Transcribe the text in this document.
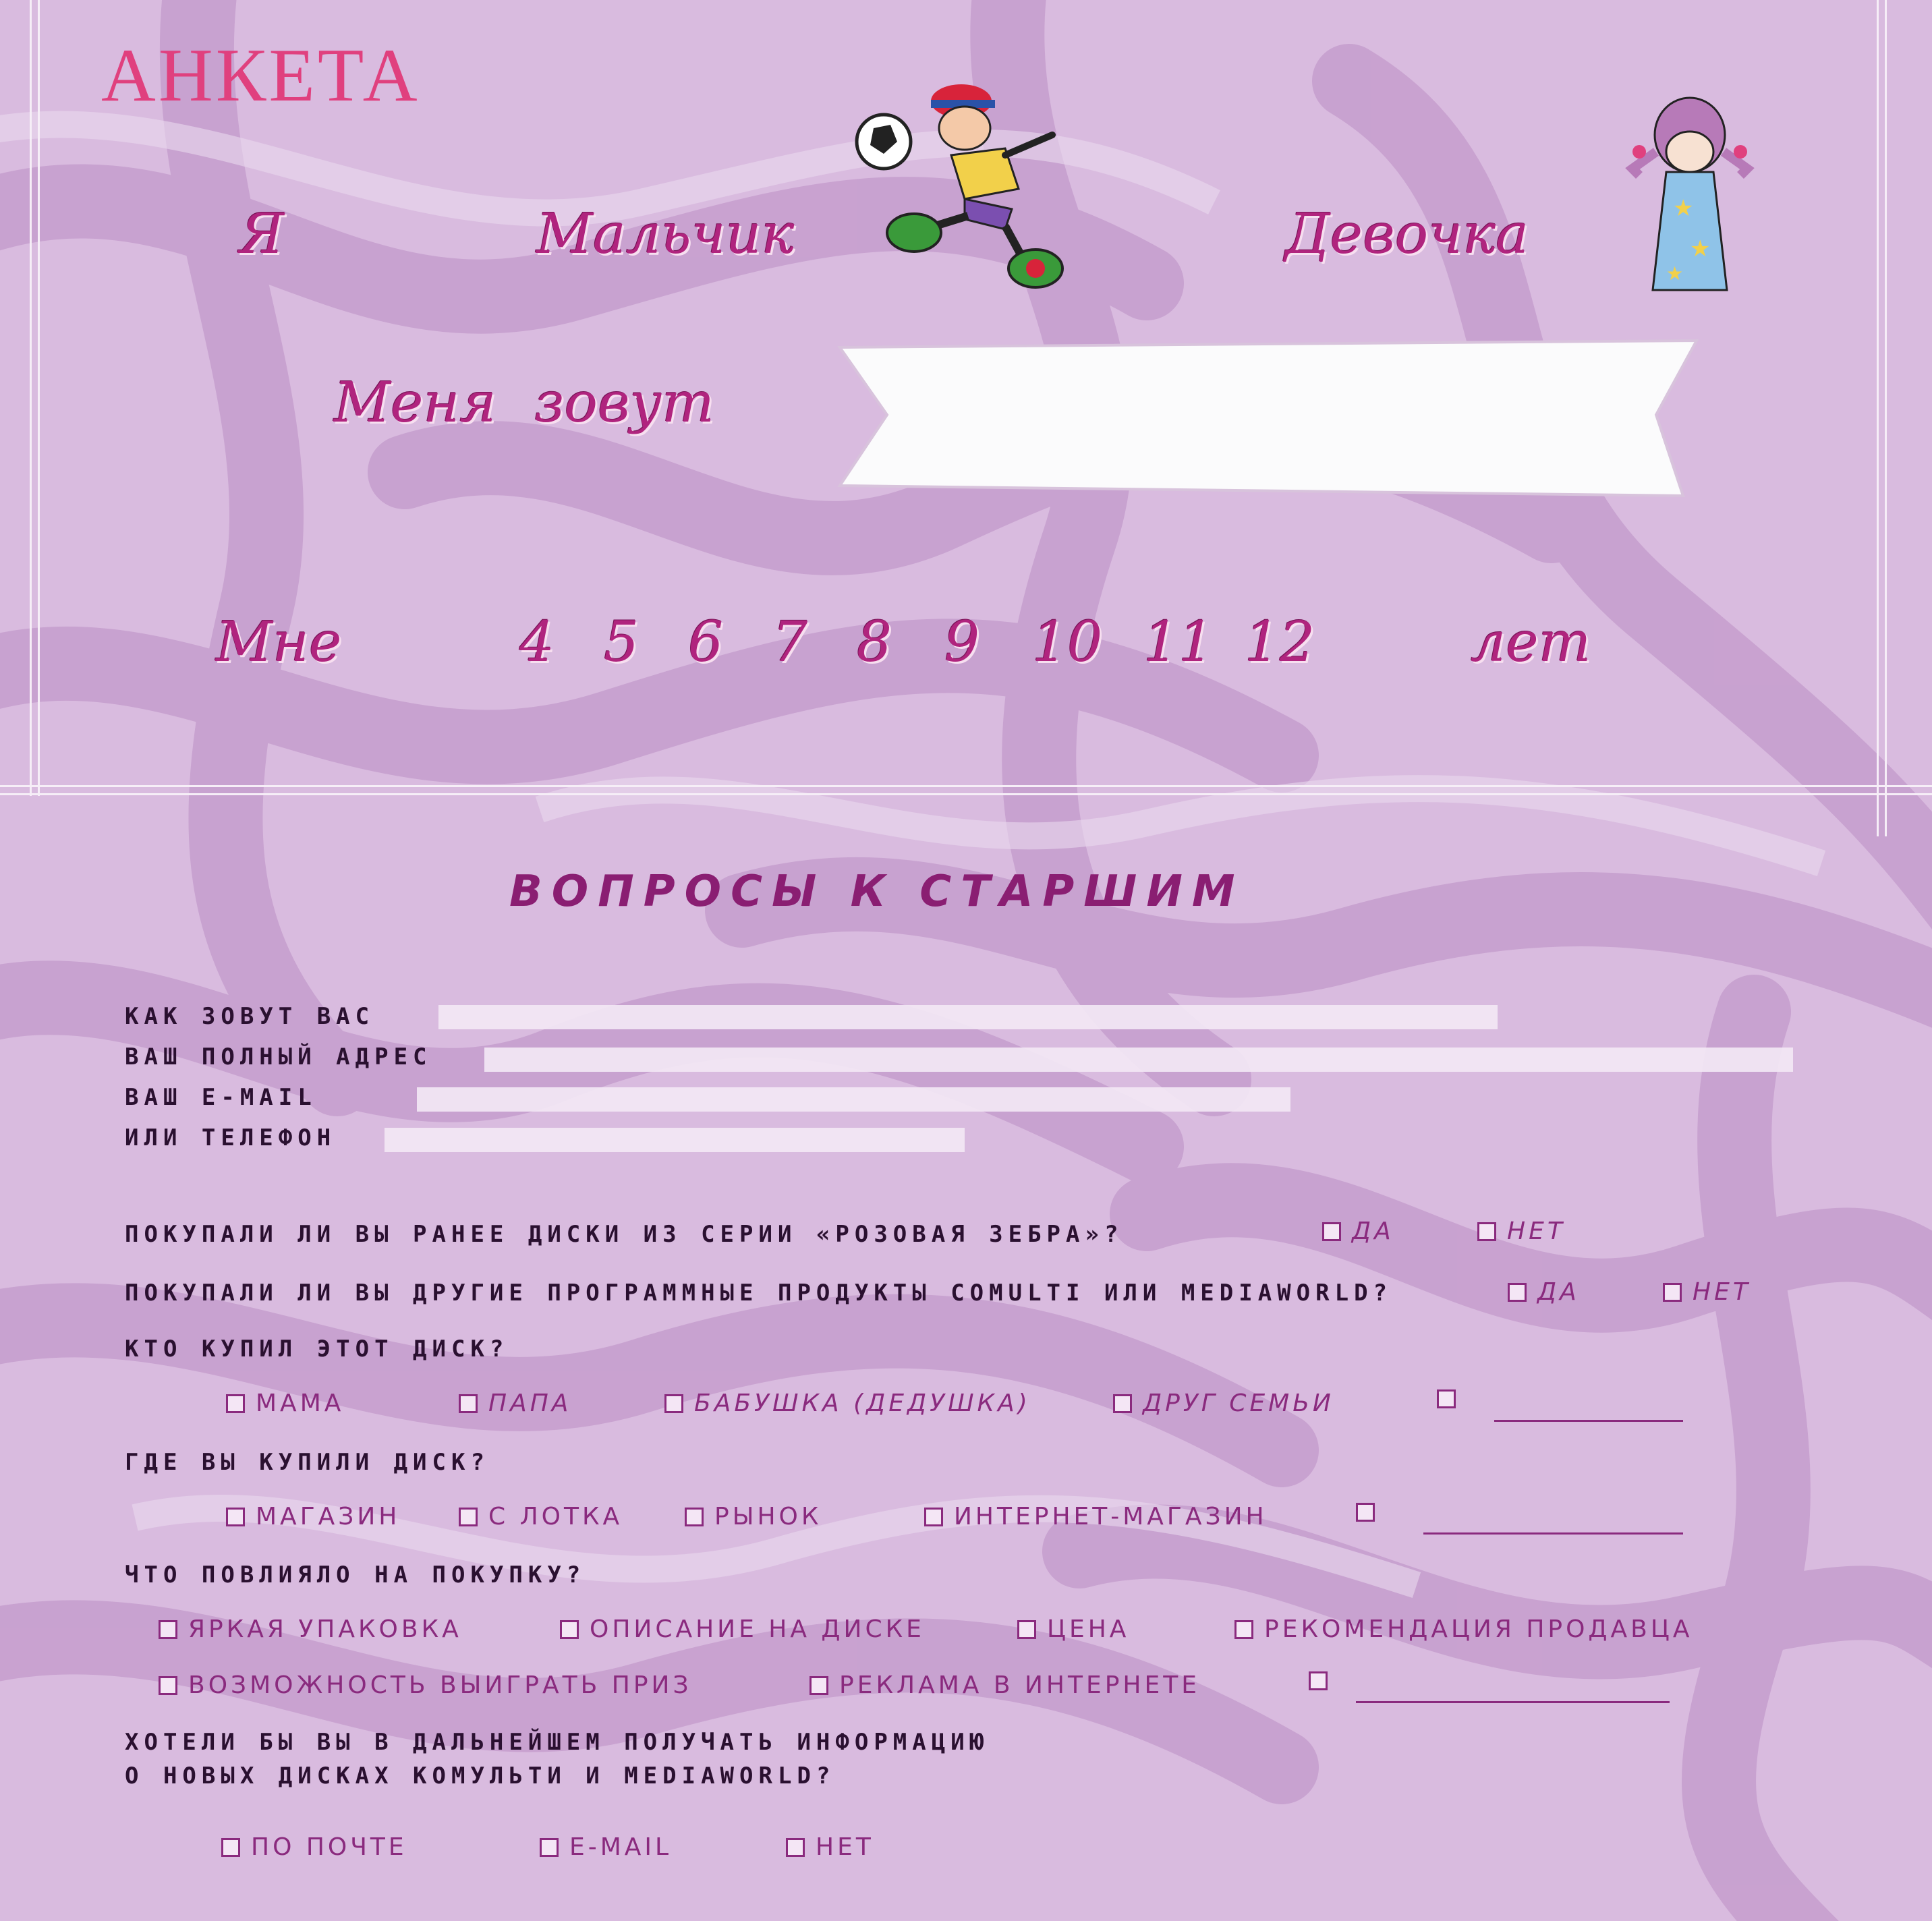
АНКЕТА
★
★
★
Я	Мальчик	Девочка
Меня зовут
Мне	4 5 6 7 8 9 10 11 12	лет
ВОПРОСЫ К СТАРШИМ
КАК ЗОВУТ ВАС
ВАШ ПОЛНЫЙ АДРЕС
ВАШ E-MAIL
ИЛИ ТЕЛЕФОН
ПОКУПАЛИ ЛИ ВЫ РАНЕЕ ДИСКИ ИЗ СЕРИИ «РОЗОВАЯ ЗЕБРА»?	ДА	НЕТ
ПОКУПАЛИ ЛИ ВЫ ДРУГИЕ ПРОГРАММНЫЕ ПРОДУКТЫ COMULTI ИЛИ MEDIAWORLD?	ДА	НЕТ
КТО КУПИЛ ЭТОТ ДИСК?
МАМА	ПАПА	БАБУШКА (ДЕДУШКА)	ДРУГ СЕМЬИ
ГДЕ ВЫ КУПИЛИ ДИСК?
МАГАЗИН	С ЛОТКА	РЫНОК	ИНТЕРНЕТ-МАГАЗИН
ЧТО ПОВЛИЯЛО НА ПОКУПКУ?
ЯРКАЯ УПАКОВКА	ОПИСАНИЕ НА ДИСКЕ	ЦЕНА	РЕКОМЕНДАЦИЯ ПРОДАВЦА
ВОЗМОЖНОСТЬ ВЫИГРАТЬ ПРИЗ	РЕКЛАМА В ИНТЕРНЕТЕ
ХОТЕЛИ БЫ ВЫ В ДАЛЬНЕЙШЕМ ПОЛУЧАТЬ ИНФОРМАЦИЮ
О НОВЫХ ДИСКАХ КОМУЛЬТИ И MEDIAWORLD?
ПО ПОЧТЕ	E-MAIL	НЕТ
